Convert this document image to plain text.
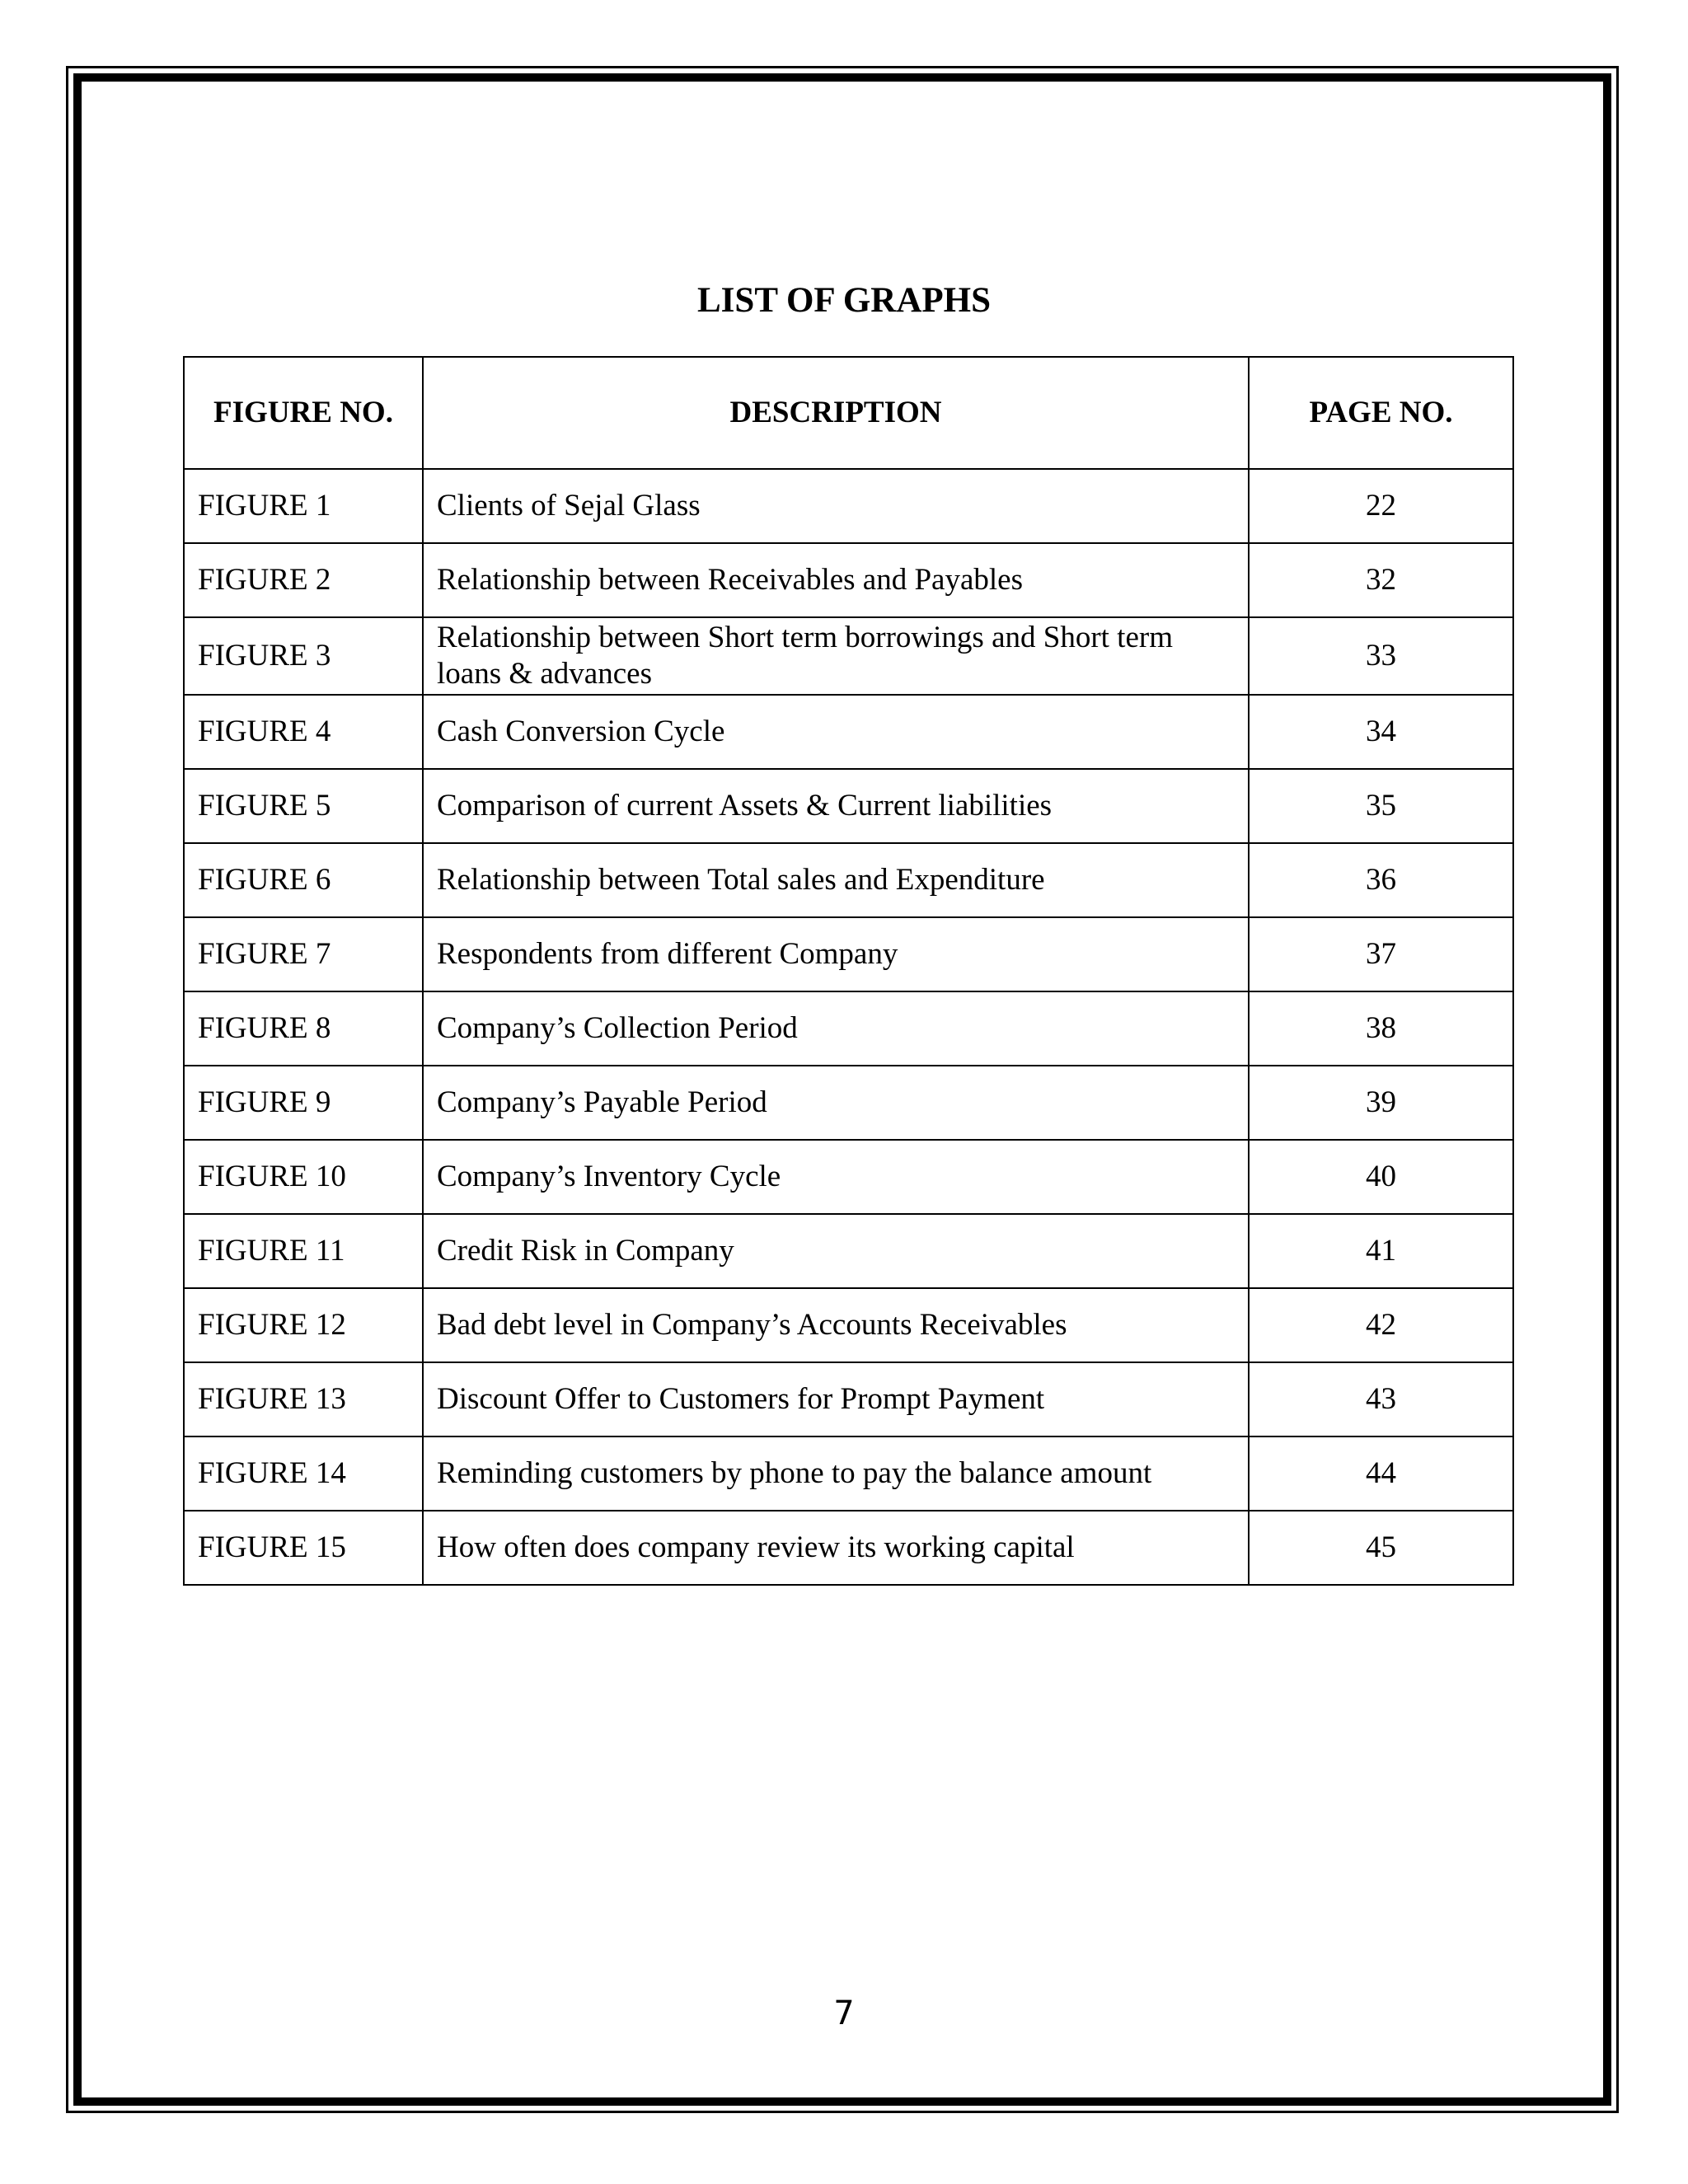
LIST OF GRAPHS
FIGURE NO.	DESCRIPTION	PAGE NO.
FIGURE 1	Clients of Sejal Glass	22
FIGURE 2	Relationship between Receivables and Payables	32
FIGURE 3	Relationship between Short term borrowings and Short term loans & advances	33
FIGURE 4	Cash Conversion Cycle	34
FIGURE 5	Comparison of current Assets & Current liabilities	35
FIGURE 6	Relationship between Total sales and Expenditure	36
FIGURE 7	Respondents from different Company	37
FIGURE 8	Company’s Collection Period	38
FIGURE 9	Company’s Payable Period	39
FIGURE 10	Company’s Inventory Cycle	40
FIGURE 11	Credit Risk in Company	41
FIGURE 12	Bad debt level in Company’s Accounts Receivables	42
FIGURE 13	Discount Offer to Customers for Prompt Payment	43
FIGURE 14	Reminding customers by phone to pay the balance amount	44
FIGURE 15	How often does company review its working capital	45
7
